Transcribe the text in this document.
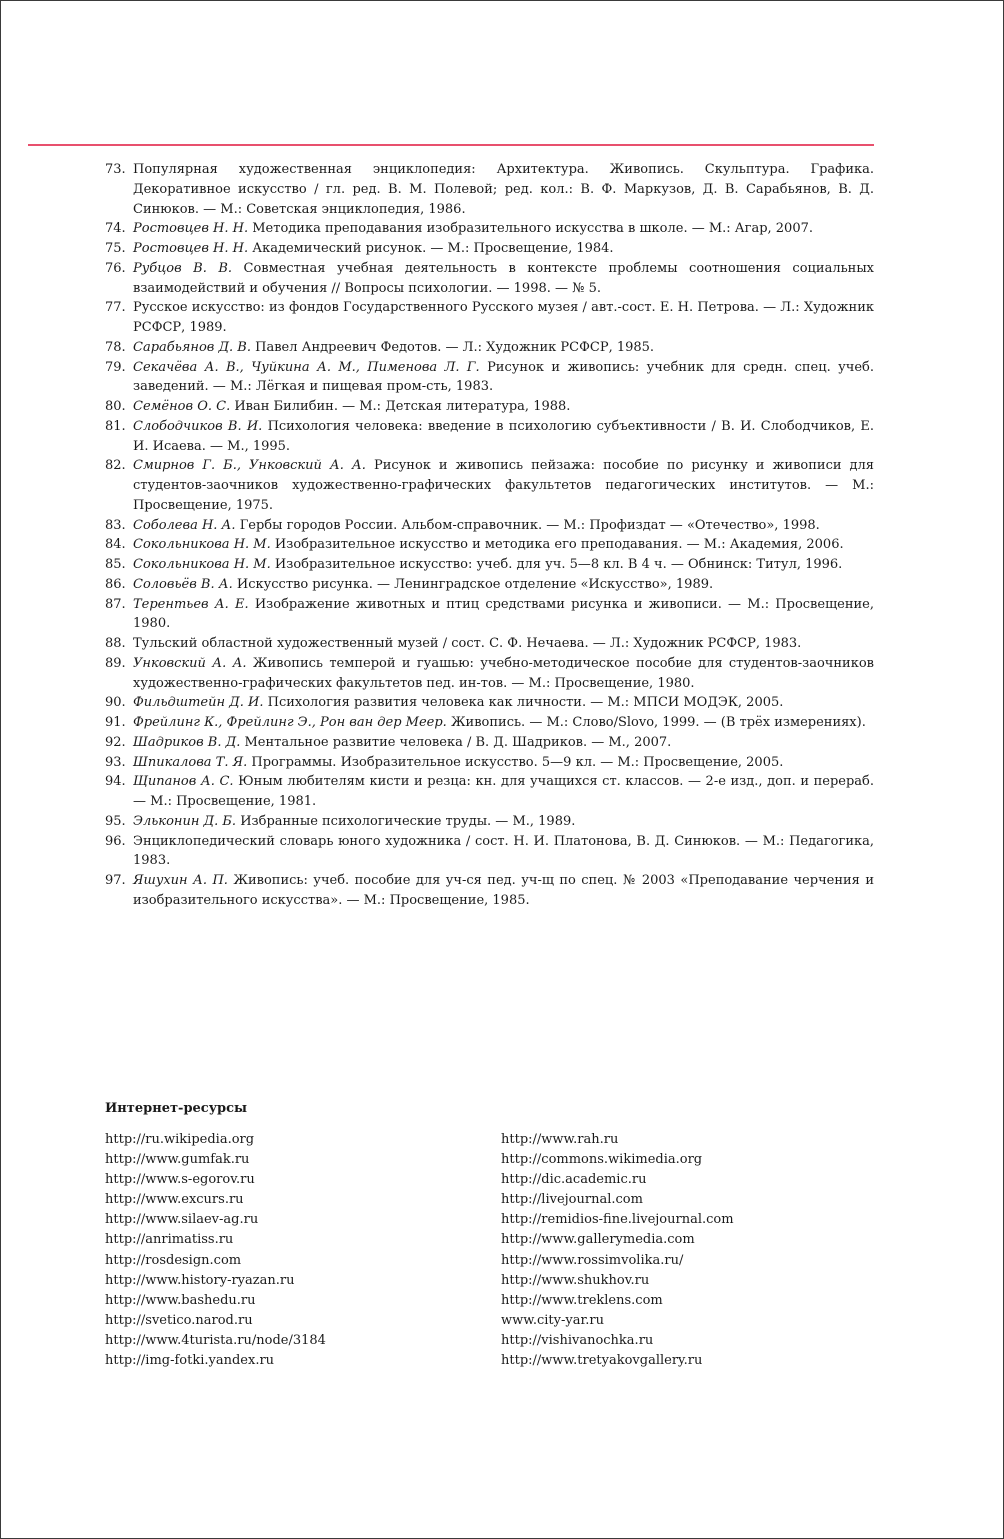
73. Популярная художественная энциклопедия: Архитектура. Живопись. Скульптура. Графика. Декоративное искусство / гл. ред. В. М. Полевой; ред. кол.: В. Ф. Маркузов, Д. В. Сарабьянов, В. Д. Синюков. — М.: Советская энциклопедия, 1986.
74. Ростовцев Н. Н. Методика преподавания изобразительного искусства в школе. — М.: Агар, 2007.
75. Ростовцев Н. Н. Академический рисунок. — М.: Просвещение, 1984.
76. Рубцов В. В. Совместная учебная деятельность в контексте проблемы соотношения социальных взаимодействий и обучения // Вопросы психологии. — 1998. — № 5.
77. Русское искусство: из фондов Государственного Русского музея / авт.-сост. Е. Н. Петрова. — Л.: Художник РСФСР, 1989.
78. Сарабьянов Д. В. Павел Андреевич Федотов. — Л.: Художник РСФСР, 1985.
79. Секачёва А. В., Чуйкина А. М., Пименова Л. Г. Рисунок и живопись: учебник для средн. спец. учеб. заведений. — М.: Лёгкая и пищевая пром-сть, 1983.
80. Семёнов О. С. Иван Билибин. — М.: Детская литература, 1988.
81. Слободчиков В. И. Психология человека: введение в психологию субъективности / В. И. Слободчиков, Е. И. Исаева. — М., 1995.
82. Смирнов Г. Б., Унковский А. А. Рисунок и живопись пейзажа: пособие по рисунку и живописи для студентов-заочников художественно-графических факультетов педагогических институтов. — М.: Просвещение, 1975.
83. Соболева Н. А. Гербы городов России. Альбом-справочник. — М.: Профиздат — «Отечество», 1998.
84. Сокольникова Н. М. Изобразительное искусство и методика его преподавания. — М.: Академия, 2006.
85. Сокольникова Н. М. Изобразительное искусство: учеб. для уч. 5—8 кл. В 4 ч. — Обнинск: Титул, 1996.
86. Соловьёв В. А. Искусство рисунка. — Ленинградское отделение «Искусство», 1989.
87. Терентьев А. Е. Изображение животных и птиц средствами рисунка и живописи. — М.: Просвещение, 1980.
88. Тульский областной художественный музей / сост. С. Ф. Нечаева. — Л.: Художник РСФСР, 1983.
89. Унковский А. А. Живопись темперой и гуашью: учебно-методическое пособие для студентов-заочников художественно-графических факультетов пед. ин-тов. — М.: Просвещение, 1980.
90. Фильдштейн Д. И. Психология развития человека как личности. — М.: МПСИ МОДЭК, 2005.
91. Фрейлинг К., Фрейлинг Э., Рон ван дер Меер. Живопись. — М.: Слово/Slovo, 1999. — (В трёх измерениях).
92. Шадриков В. Д. Ментальное развитие человека / В. Д. Шадриков. — М., 2007.
93. Шпикалова Т. Я. Программы. Изобразительное искусство. 5—9 кл. — М.: Просвещение, 2005.
94. Щипанов А. С. Юным любителям кисти и резца: кн. для учащихся ст. классов. — 2-е изд., доп. и перераб. — М.: Просвещение, 1981.
95. Эльконин Д. Б. Избранные психологические труды. — М., 1989.
96. Энциклопедический словарь юного художника / сост. Н. И. Платонова, В. Д. Синюков. — М.: Педагогика, 1983.
97. Яшухин А. П. Живопись: учеб. пособие для уч-ся пед. уч-щ по спец. № 2003 «Преподавание черчения и изобразительного искусства». — М.: Просвещение, 1985.
Интернет-ресурсы
http://ru.wikipedia.org
http://www.gumfak.ru
http://www.s-egorov.ru
http://www.excurs.ru
http://www.silaev-ag.ru
http://anrimatiss.ru
http://rosdesign.com
http://www.history-ryazan.ru
http://www.bashedu.ru
http://svetico.narod.ru
http://www.4turista.ru/node/3184
http://img-fotki.yandex.ru
http://www.rah.ru
http://commons.wikimedia.org
http://dic.academic.ru
http://livejournal.com
http://remidios-fine.livejournal.com
http://www.gallerymedia.com
http://www.rossimvolika.ru/
http://www.shukhov.ru
http://www.treklens.com
www.city-yar.ru
http://vishivanochka.ru
http://www.tretyakovgallery.ru
